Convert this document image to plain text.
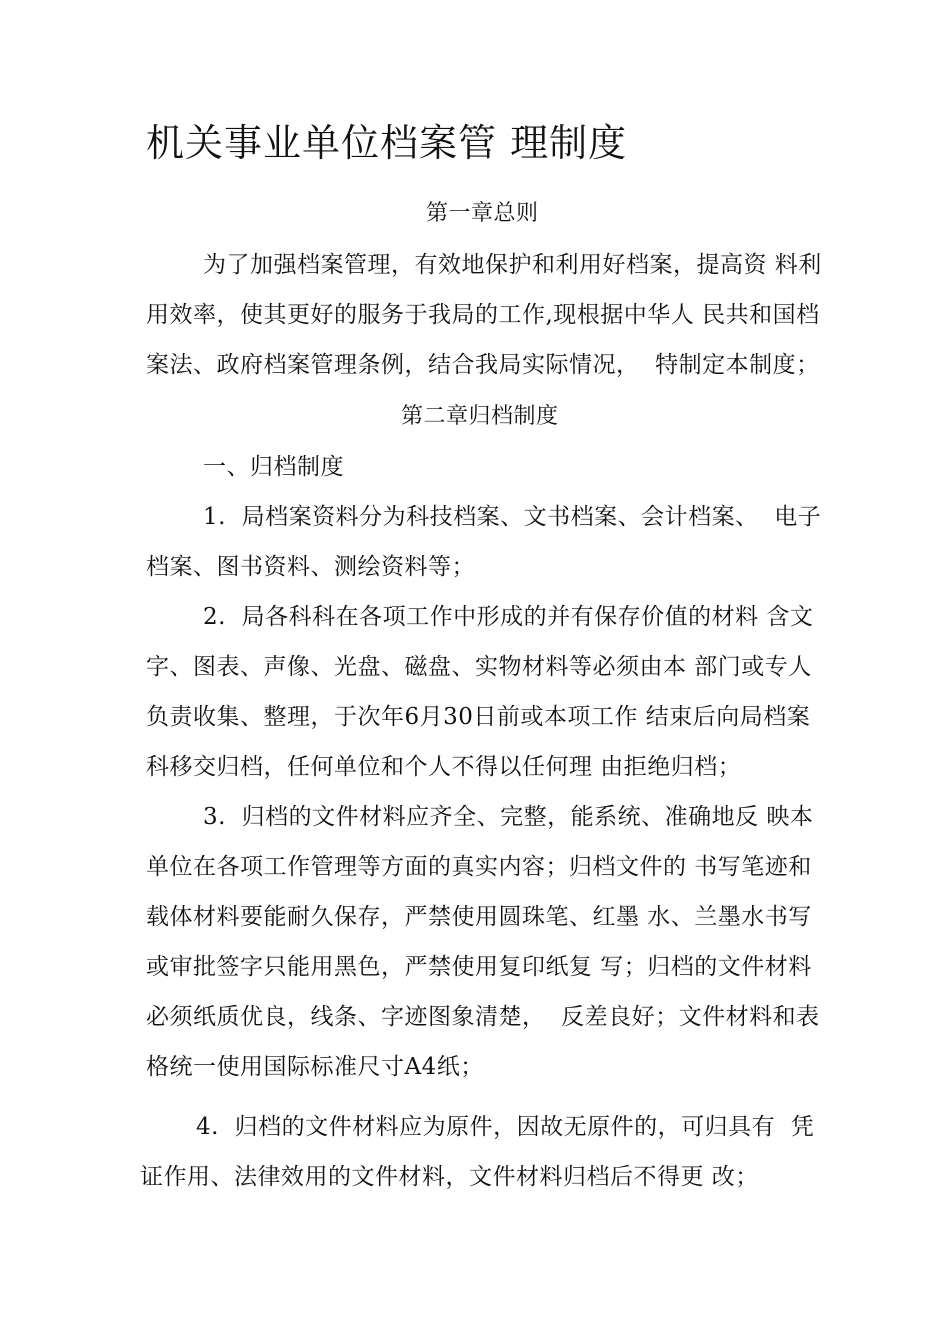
机关事业单位档案管 理制度
第一章总则
为了加强档案管理，有效地保护和利用好档案，提高资 料利
用效率，使其更好的服务于我局的工作,现根据中华人 民共和国档
案法、政府档案管理条例，结合我局实际情况，  特制定本制度；
第二章归档制度
一、归档制度
1.  局档案资料分为科技档案、文书档案、会计档案、  电子
档案、图书资料、测绘资料等；
2.  局各科科在各项工作中形成的并有保存价值的材料 含文
字、图表、声像、光盘、磁盘、实物材料等必须由本 部门或专人
负责收集、整理，于次年6月30日前或本项工作 结束后向局档案
科移交归档，任何单位和个人不得以任何理 由拒绝归档；
3.  归档的文件材料应齐全、完整，能系统、准确地反 映本
单位在各项工作管理等方面的真实内容；归档文件的 书写笔迹和
载体材料要能耐久保存，严禁使用圆珠笔、红墨 水、兰墨水书写
或审批签字只能用黑色，严禁使用复印纸复 写；归档的文件材料
必须纸质优良，线条、字迹图象清楚，  反差良好；文件材料和表
格统一使用国际标准尺寸A4纸；
4.  归档的文件材料应为原件，因故无原件的，可归具有  凭
证作用、法律效用的文件材料，文件材料归档后不得更 改；
